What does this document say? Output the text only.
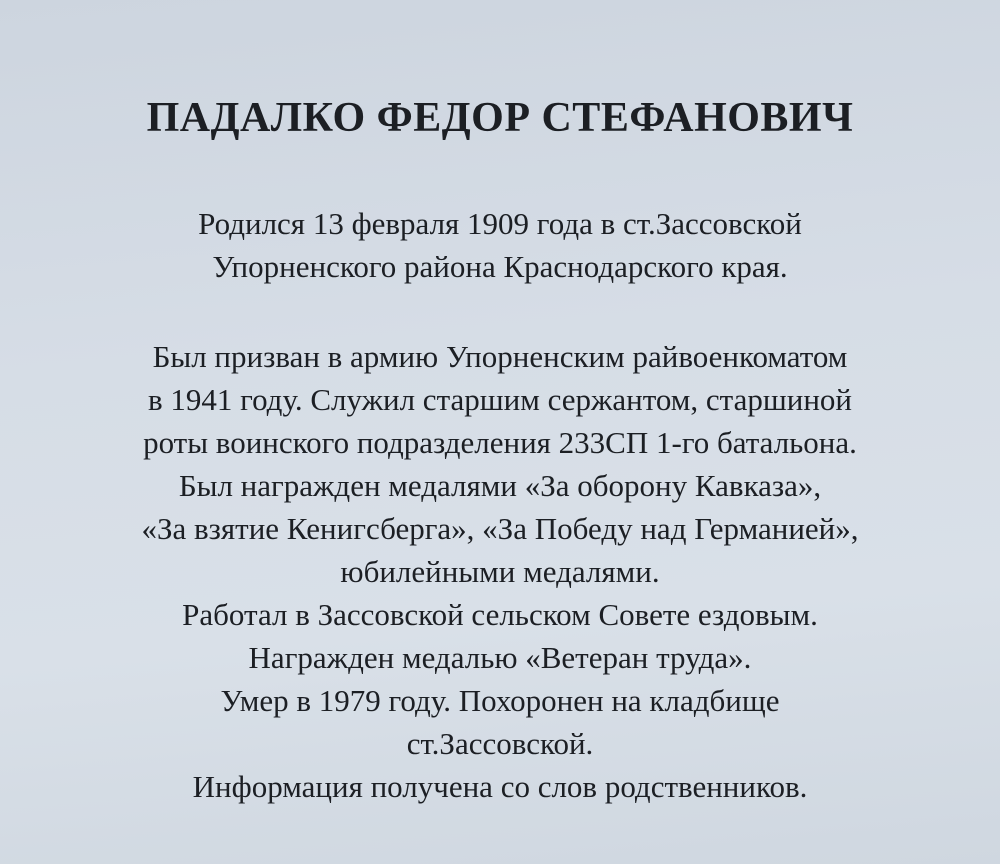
ПАДАЛКО ФЕДОР СТЕФАНОВИЧ
Родился 13 февраля 1909 года в ст.Зассовской
Упорненского района Краснодарского края.
Был призван в армию Упорненским райвоенкоматом
в 1941 году. Служил старшим сержантом, старшиной
роты воинского подразделения 233СП 1-го батальона.
Был награжден медалями «За оборону Кавказа»,
«За взятие Кенигсберга», «За Победу над Германией»,
юбилейными медалями.
Работал в Зассовской сельском Совете ездовым.
Награжден медалью «Ветеран труда».
Умер в 1979 году. Похоронен на кладбище
ст.Зассовской.
Информация получена со слов родственников.
